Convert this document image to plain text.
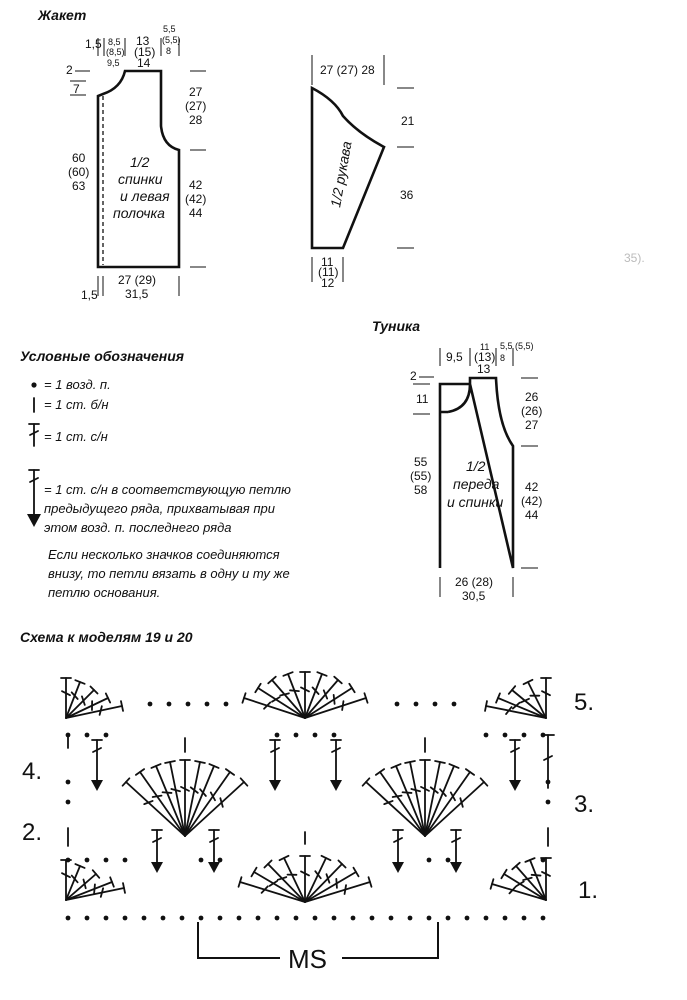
Жакет
1,5 8,5
(8,5)
9,5
13
(15)
14
5,5
(5,5)
8
2
7
60
(60)
63
1/2
спинки
и левая
полочка
27
(27)
28
42
(42)
44
27 (29)
31,5
1,5
27 (27) 28
1/2 рукава
21
36
11
(11)
12
35).
Условные обозначения
= 1 возд. п.
= 1 ст. б/н
= 1 ст. с/н
= 1 ст. с/н в соответствующую петлю
предыдущего ряда, прихватывая при
этом возд. п. последнего ряда
Если несколько значков соединяются
внизу, то петли вязать в одну и ту же
петлю основания.
Туника
9,5
11
(13)
13
8
5,5 (5,5)
2
11
55
(55)
58
1/2
переда
и спинки
26
(26)
27
42
(42)
44
26 (28)
30,5
Схема к моделям 19 и 20
5.
4.
3.
2.
1.
MS
